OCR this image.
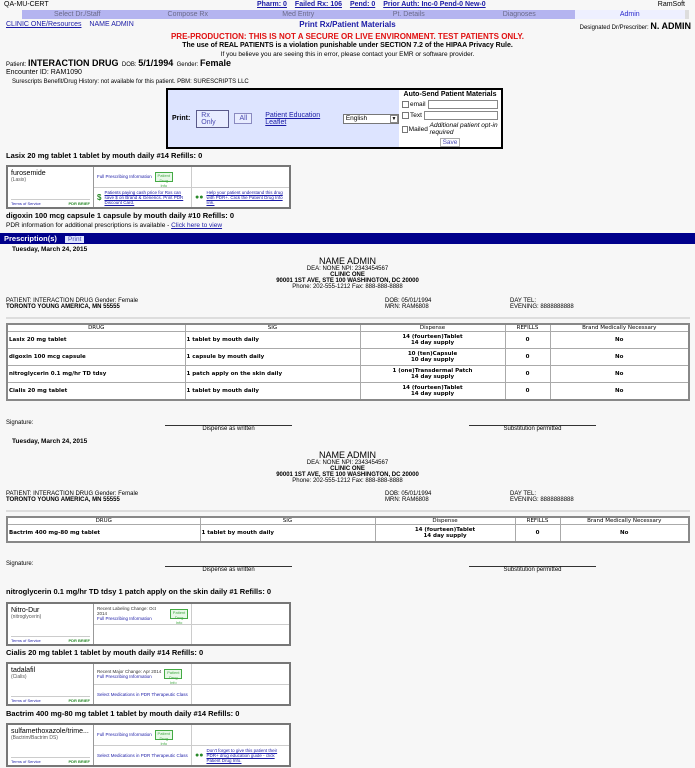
QA-MU-CERT	Pharm: 0 Failed Rx: 106 Pend: 0 Prior Auth: Inc-0 Pend-0 New-0	RamSoft
Select Dr./Staff	Compose Rx	Med Entry	Pt. Details	Diagnoses	Admin
Print Rx/Patient Materials
CLINIC ONE/Resources NAME ADMIN	Designated Dr/Prescriber: N. ADMIN
PRE-PRODUCTION: THIS IS NOT A SECURE OR LIVE ENVIRONMENT. TEST PATIENTS ONLY.
The use of REAL PATIENTS is a violation punishable under SECTION 7.2 of the HIPAA Privacy Rule.
If you believe you are seeing this in error, please contact your EMR or software provider.
Patient: INTERACTION DRUG DOB: 5/1/1994 Gender: Female
Encounter ID: RAM1090
Surescripts Benefit/Drug History: not available for this patient. PBM: SURESCRIPTS LLC
Print:	Rx Only	All	Patient Education Leaflet	English	▼
Auto-Send Patient Materials
email
Text
Mailed
Additional patient opt-in required
Save
Lasix 20 mg tablet 1 tablet by mouth daily #14 Refills: 0
furosemide
(Lasix)
Terms of Service	PDR BRIEF
Full Prescribing Information	Patient Drug Info
$
Patients paying cash price for Rxs can save $ on Brand & Generics. Print PDR Discount Card.
●●
Help your patient understand this drug with PDR+. Click the Patient Drug Info link.
digoxin 100 mcg capsule 1 capsule by mouth daily #10 Refills: 0
PDR information for additional prescriptions is available - Click here to view
Prescription(s) Print
Tuesday, March 24, 2015
NAME ADMIN
DEA: NONE NPI: 2343454567
CLINIC ONE
90001 1ST AVE, STE 100 WASHINGTON, DC 20000
Phone: 202-555-1212 Fax: 888-888-8888
PATIENT: INTERACTION DRUG Gender: Female
TORONTO YOUNG AMERICA, MN 55555
DOB: 05/01/1994
MRN: RAM6808
DAY TEL:
EVENING: 8888888888
DRUG	SIG	Dispense	REFILLS	Brand Medically Necessary
Lasix 20 mg tablet	1 tablet by mouth daily	14 (fourteen)Tablet
14 day supply	0	No
digoxin 100 mcg capsule	1 capsule by mouth daily	10 (ten)Capsule
10 day supply	0	No
nitroglycerin 0.1 mg/hr TD tdsy	1 patch apply on the skin daily	1 (one)Transdermal Patch
14 day supply	0	No
Cialis 20 mg tablet	1 tablet by mouth daily	14 (fourteen)Tablet
14 day supply	0	No
Signature:
Dispense as written	Substitution permitted
Tuesday, March 24, 2015
NAME ADMIN
DEA: NONE NPI: 2343454567
CLINIC ONE
90001 1ST AVE, STE 100 WASHINGTON, DC 20000
Phone: 202-555-1212 Fax: 888-888-8888
PATIENT: INTERACTION DRUG Gender: Female
TORONTO YOUNG AMERICA, MN 55555
DOB: 05/01/1994
MRN: RAM6808
DAY TEL:
EVENING: 8888888888
DRUG	SIG	Dispense	REFILLS	Brand Medically Necessary
Bactrim 400 mg-80 mg tablet	1 tablet by mouth daily	14 (fourteen)Tablet
14 day supply	0	No
Signature:
Dispense as written	Substitution permitted
nitroglycerin 0.1 mg/hr TD tdsy 1 patch apply on the skin daily #1 Refills: 0
Nitro-Dur
(nitroglycerin)
Terms of Service	PDR BRIEF
Recent Labeling Change: Oct 2014
Full Prescribing Information
Patient Drug Info
Cialis 20 mg tablet 1 tablet by mouth daily #14 Refills: 0
tadalafil
(Cialis)
Terms of Service	PDR BRIEF
Recent Major Change: Apr 2014
Full Prescribing Information
Patient Drug Info
Select Medications in PDR Therapeutic Class
Bactrim 400 mg-80 mg tablet 1 tablet by mouth daily #14 Refills: 0
sulfamethoxazole/trime...
(Bactrim/Bactrim DS)
Terms of Service	PDR BRIEF
Full Prescribing Information	Patient Drug Info
Select Medications in PDR Therapeutic Class	●●
Don't forget to give this patient their PDR+ drug education guide - click Patient Drug Info.
